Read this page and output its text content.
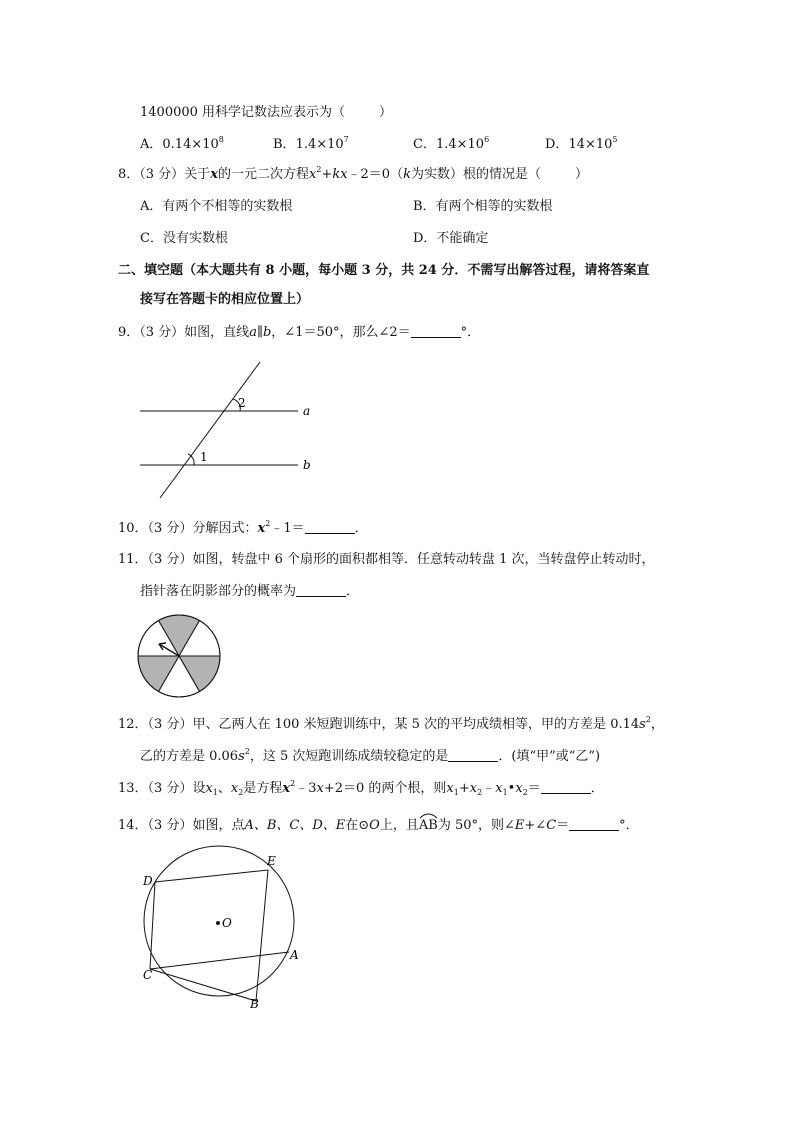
1400000 用科学记数法应表示为（	）
A．$0.14\times 10^8$	B．$1.4\times 10^7$	C．$1.4\times 10^6$	D．$14\times 10^5$
8．（3 分）关于x的一元二次方程$x^2+kx﹣2=0(k$为实数）根的情况是（	）
A．有两个不相等的实数根	B．有两个相等的实数根
C．没有实数根	D．不能确定
二、填空题（本大题共有 8 小题，每小题 3 分，共 24 分．不需写出解答过程，请将答案直
接写在答题卡的相应位置上）
9．（3 分）如图，直线a∥b，∠1＝50°，那么∠2＝	°．
a
b
2
1
10．（3 分）分解因式：$x^2﹣1=$	．
11．（3 分）如图，转盘中 6 个扇形的面积都相等．任意转动转盘 1 次，当转盘停止转动时，
指针落在阴影部分的概率为	．
12．（3 分）甲、乙两人在 100 米短跑训练中，某 5 次的平均成绩相等，甲的方差是 $0.14s^2$，
乙的方差是 $0.06s^2$，这 5 次短跑训练成绩较稳定的是	．(填“甲”或“乙”)
13．（3 分）设$x_1$、$x_2$是方程$x^2﹣3x+2=0$ 的两个根，则$x_1+x_2﹣x_1•x_2=$	．
14．（3 分）如图，点A、B、C、D、E在⊙O上，且
AB为 50°，则∠E+∠C＝	°．
O
D
E
A
C
B
